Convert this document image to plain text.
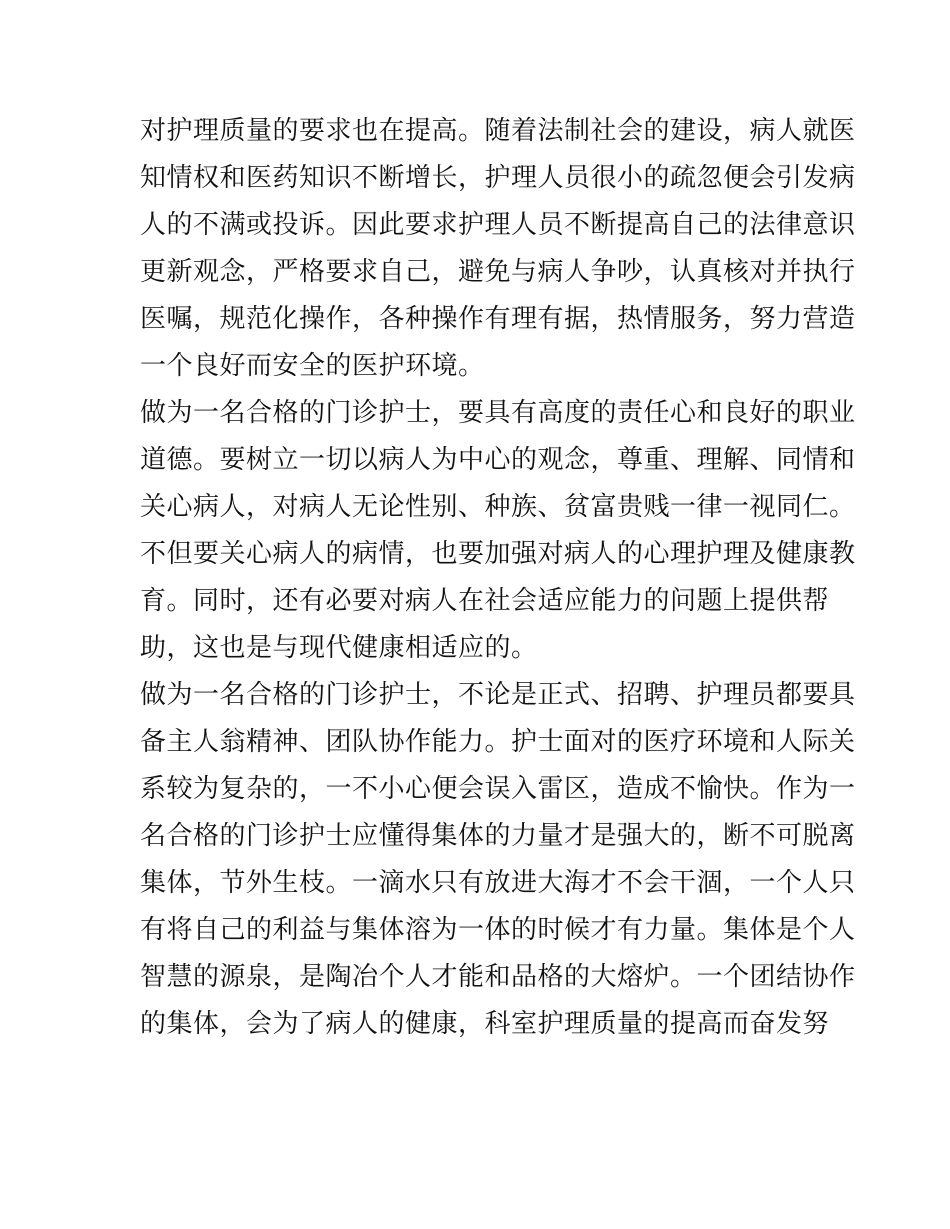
对护理质量的要求也在提高。随着法制社会的建设，病人就医
知情权和医药知识不断增长，护理人员很小的疏忽便会引发病
人的不满或投诉。因此要求护理人员不断提高自己的法律意识
更新观念，严格要求自己，避免与病人争吵，认真核对并执行
医嘱，规范化操作，各种操作有理有据，热情服务，努力营造
一个良好而安全的医护环境。
做为一名合格的门诊护士，要具有高度的责任心和良好的职业
道德。要树立一切以病人为中心的观念，尊重、理解、同情和
关心病人，对病人无论性别、种族、贫富贵贱一律一视同仁。
不但要关心病人的病情，也要加强对病人的心理护理及健康教
育。同时，还有必要对病人在社会适应能力的问题上提供帮
助，这也是与现代健康相适应的。
做为一名合格的门诊护士，不论是正式、招聘、护理员都要具
备主人翁精神、团队协作能力。护士面对的医疗环境和人际关
系较为复杂的，一不小心便会误入雷区，造成不愉快。作为一
名合格的门诊护士应懂得集体的力量才是强大的，断不可脱离
集体，节外生枝。一滴水只有放进大海才不会干涸，一个人只
有将自己的利益与集体溶为一体的时候才有力量。集体是个人
智慧的源泉，是陶冶个人才能和品格的大熔炉。一个团结协作
的集体，会为了病人的健康，科室护理质量的提高而奋发努
